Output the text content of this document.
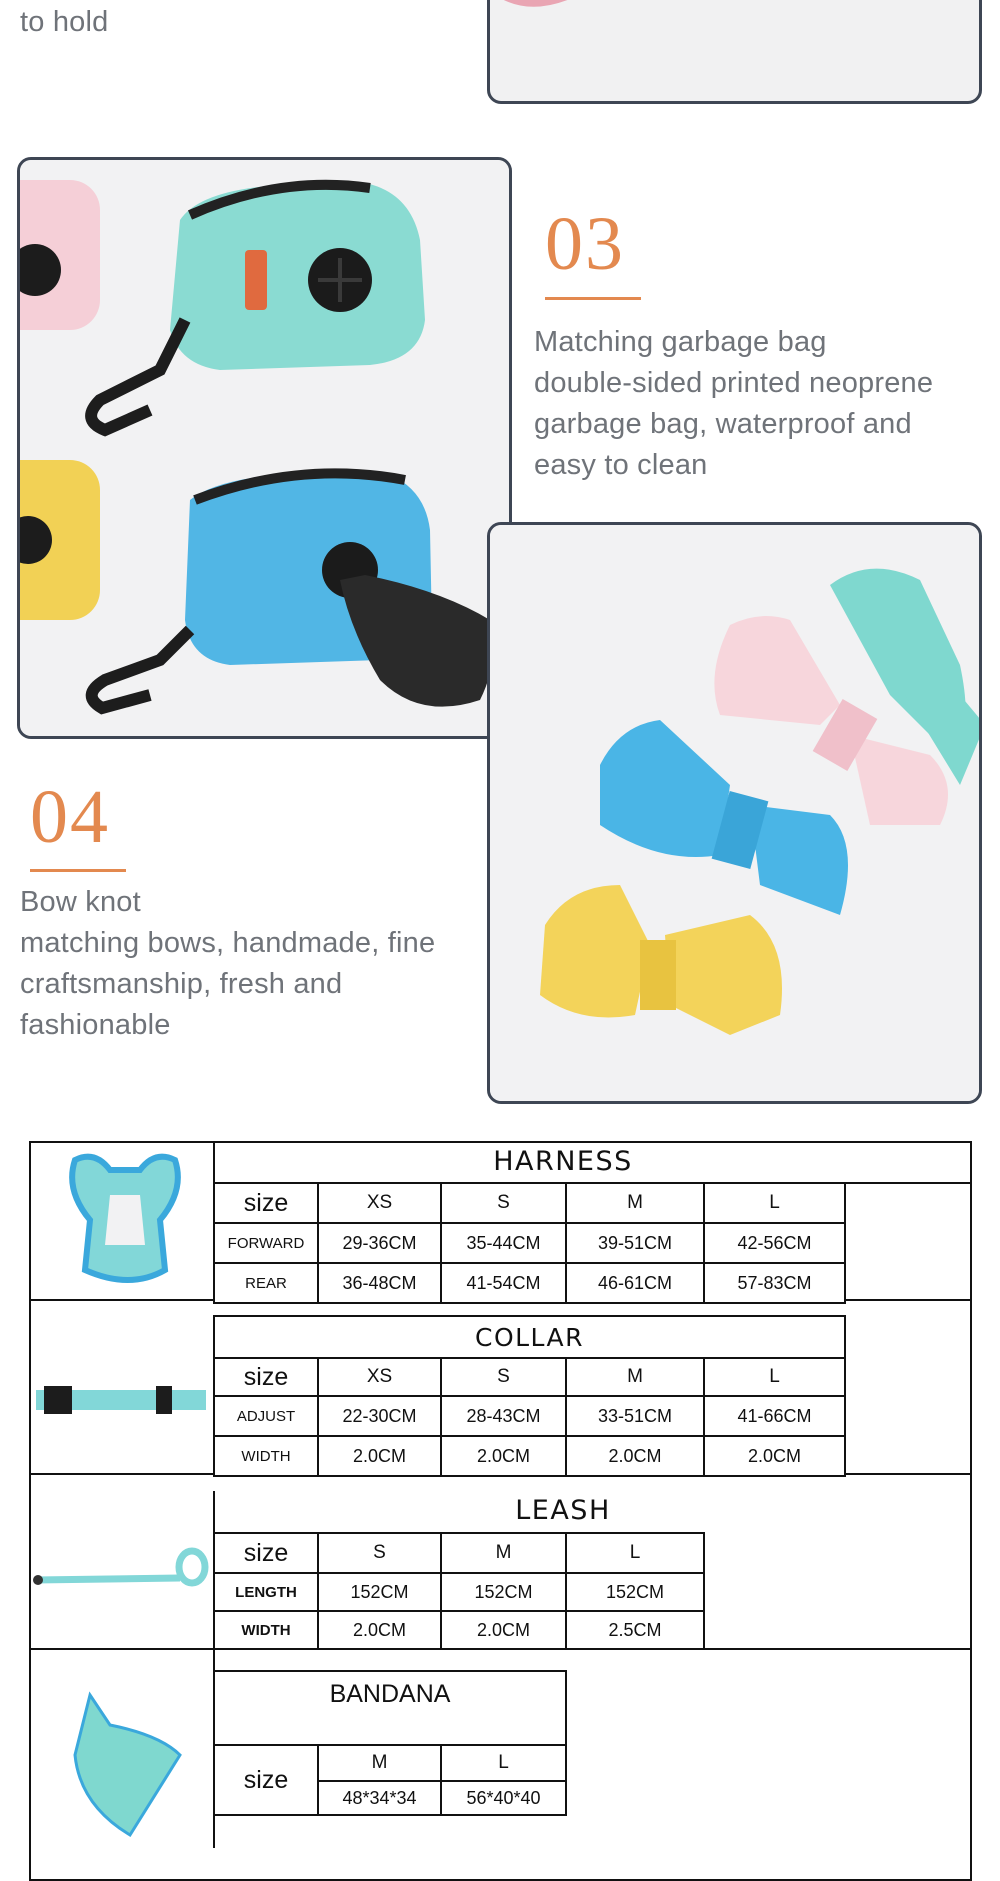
to hold
03
Matching garbage bag
double-sided printed neoprene
garbage bag, waterproof and
easy to clean
04
Bow knot
matching bows, handmade, fine
craftsmanship, fresh and
fashionable
HARNESS
size	XS	S	M	L
FORWARD	29-36CM	35-44CM	39-51CM	42-56CM
REAR	36-48CM	41-54CM	46-61CM	57-83CM
COLLAR				
size	XS	S	M	L
ADJUST	22-30CM	28-43CM	33-51CM	41-66CM
WIDTH	2.0CM	2.0CM	2.0CM	2.0CM
LEASH
size	S	M	L
LENGTH	152CM	152CM	152CM
WIDTH	2.0CM	2.0CM	2.5CM
BANDANA		
size	M	L
	48*34*34	56*40*40
